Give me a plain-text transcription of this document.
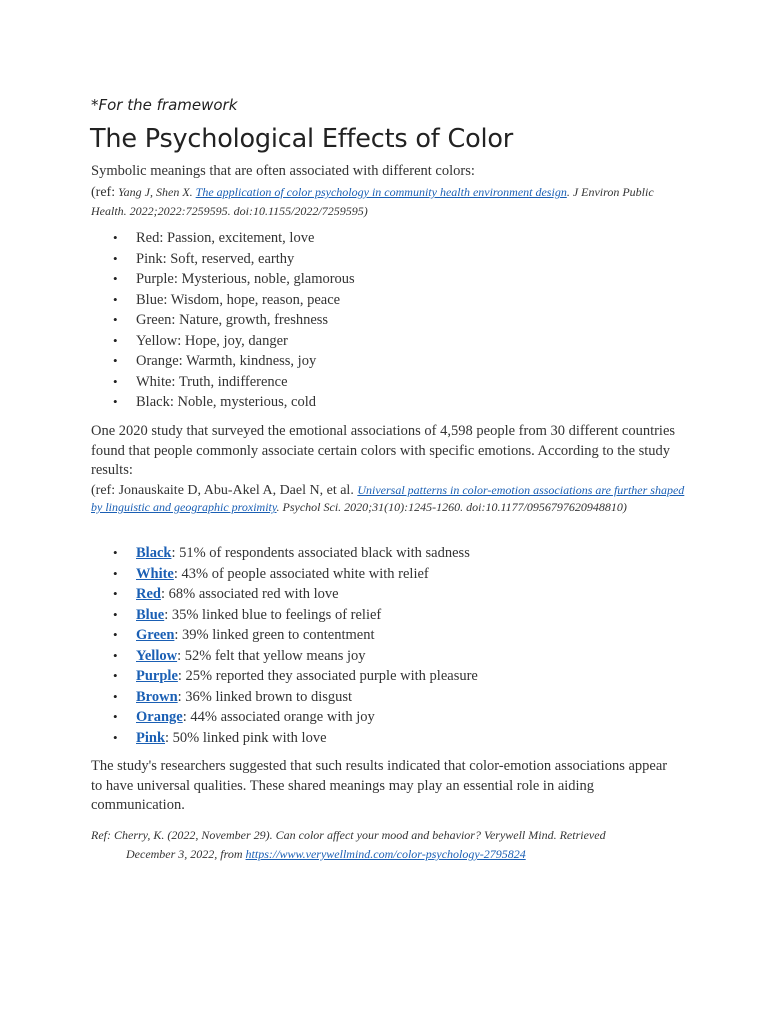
*For the framework
The Psychological Effects of Color
Symbolic meanings that are often associated with different colors:
(ref: Yang J, Shen X. The application of color psychology in community health environment design. J Environ Public Health. 2022;2022:7259595. doi:10.1155/2022/7259595)
• Red: Passion, excitement, love
• Pink: Soft, reserved, earthy
• Purple: Mysterious, noble, glamorous
• Blue: Wisdom, hope, reason, peace
• Green: Nature, growth, freshness
• Yellow: Hope, joy, danger
• Orange: Warmth, kindness, joy
• White: Truth, indifference
• Black: Noble, mysterious, cold
One 2020 study that surveyed the emotional associations of 4,598 people from 30 different countries found that people commonly associate certain colors with specific emotions. According to the study results:
(ref: Jonauskaite D, Abu-Akel A, Dael N, et al. Universal patterns in color-emotion associations are further shaped by linguistic and geographic proximity. Psychol Sci. 2020;31(10):1245-1260. doi:10.1177/0956797620948810)
• Black: 51% of respondents associated black with sadness
• White: 43% of people associated white with relief
• Red: 68% associated red with love
• Blue: 35% linked blue to feelings of relief
• Green: 39% linked green to contentment
• Yellow: 52% felt that yellow means joy
• Purple: 25% reported they associated purple with pleasure
• Brown: 36% linked brown to disgust
• Orange: 44% associated orange with joy
• Pink: 50% linked pink with love
The study's researchers suggested that such results indicated that color-emotion associations appear to have universal qualities. These shared meanings may play an essential role in aiding communication.
Ref: Cherry, K. (2022, November 29). Can color affect your mood and behavior? Verywell Mind. Retrieved
December 3, 2022, from https://www.verywellmind.com/color-psychology-2795824
